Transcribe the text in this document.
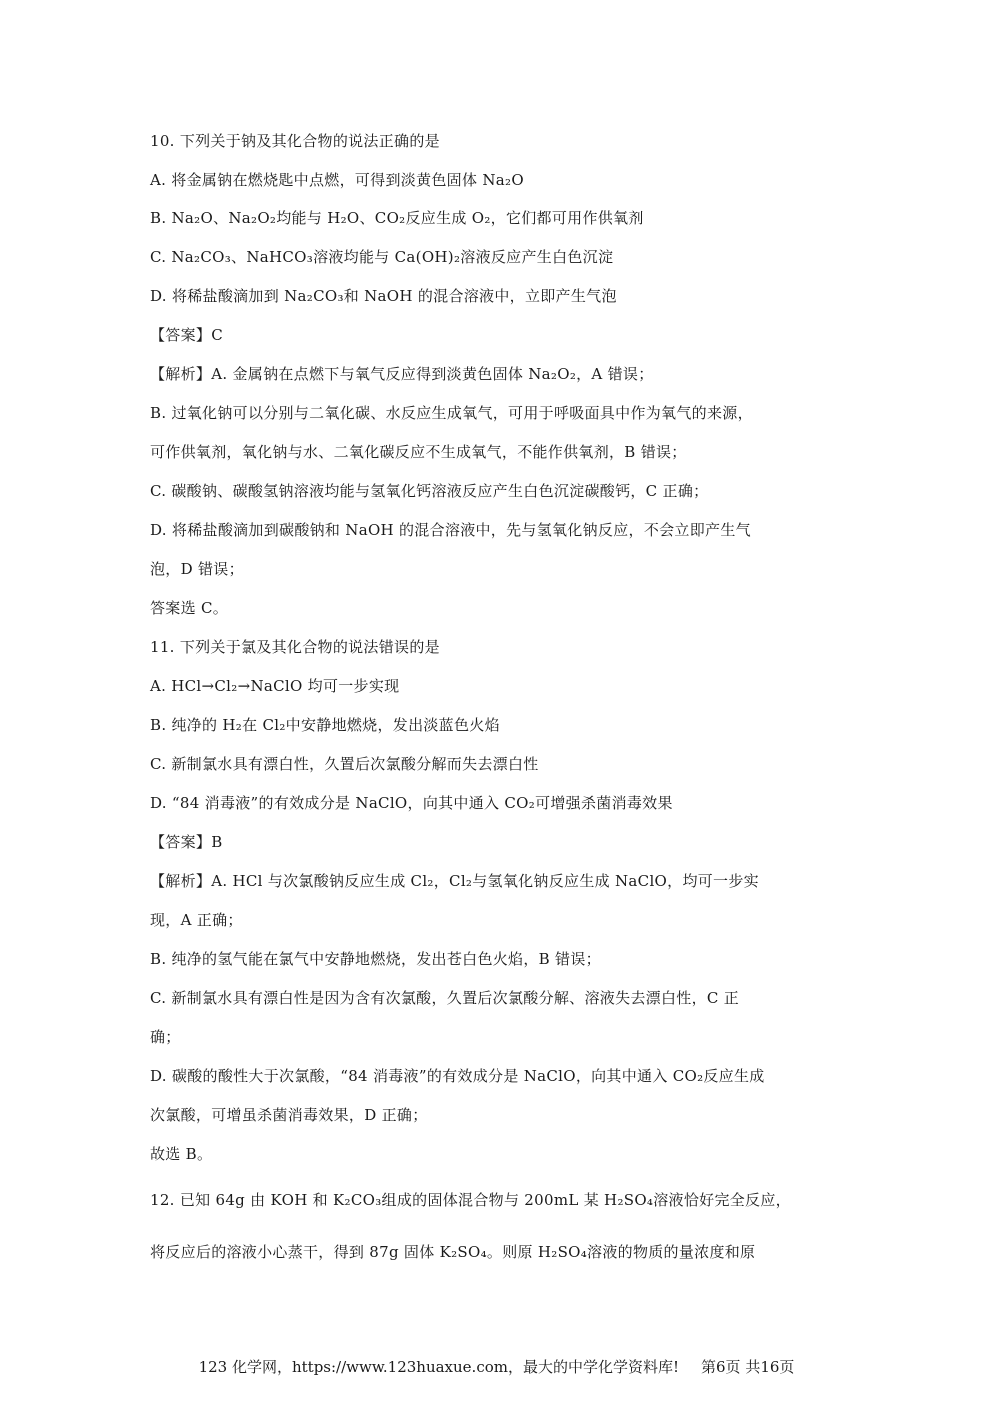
10. 下列关于钠及其化合物的说法正确的是
A. 将金属钠在燃烧匙中点燃，可得到淡黄色固体 Na₂O
B. Na₂O、Na₂O₂均能与 H₂O、CO₂反应生成 O₂，它们都可用作供氧剂
C. Na₂CO₃、NaHCO₃溶液均能与 Ca(OH)₂溶液反应产生白色沉淀
D. 将稀盐酸滴加到 Na₂CO₃和 NaOH 的混合溶液中，立即产生气泡
【答案】C
【解析】A. 金属钠在点燃下与氧气反应得到淡黄色固体 Na₂O₂，A 错误；
B. 过氧化钠可以分别与二氧化碳、水反应生成氧气，可用于呼吸面具中作为氧气的来源，
可作供氧剂，氧化钠与水、二氧化碳反应不生成氧气，不能作供氧剂，B 错误；
C. 碳酸钠、碳酸氢钠溶液均能与氢氧化钙溶液反应产生白色沉淀碳酸钙，C 正确；
D. 将稀盐酸滴加到碳酸钠和 NaOH 的混合溶液中，先与氢氧化钠反应，不会立即产生气
泡，D 错误；
答案选 C。
11. 下列关于氯及其化合物的说法错误的是
A. HCl→Cl₂→NaClO 均可一步实现
B. 纯净的 H₂在 Cl₂中安静地燃烧，发出淡蓝色火焰
C. 新制氯水具有漂白性，久置后次氯酸分解而失去漂白性
D. “84 消毒液”的有效成分是 NaClO，向其中通入 CO₂可增强杀菌消毒效果
【答案】B
【解析】A. HCl 与次氯酸钠反应生成 Cl₂，Cl₂与氢氧化钠反应生成 NaClO，均可一步实
现，A 正确；
B. 纯净的氢气能在氯气中安静地燃烧，发出苍白色火焰，B 错误；
C. 新制氯水具有漂白性是因为含有次氯酸，久置后次氯酸分解、溶液失去漂白性，C 正
确；
D. 碳酸的酸性大于次氯酸，“84 消毒液”的有效成分是 NaClO，向其中通入 CO₂反应生成
次氯酸，可增虽杀菌消毒效果，D 正确；
故选 B。
12. 已知 64g 由 KOH 和 K₂CO₃组成的固体混合物与 200mL 某 H₂SO₄溶液恰好完全反应，
将反应后的溶液小心蒸干，得到 87g 固体 K₂SO₄。则原 H₂SO₄溶液的物质的量浓度和原
123 化学网，https://www.123huaxue.com，最大的中学化学资料库! 第6页 共16页
